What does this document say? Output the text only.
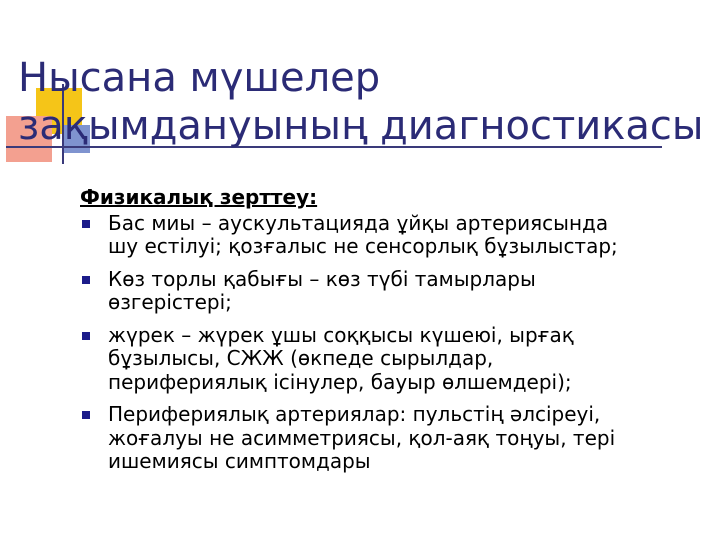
Нысана мүшелер
зақымдануының диагностикасы
Физикалық зерттеу:
Бас миы – аускультацияда ұйқы артериясында шу естілуі; қозғалыс не сенсорлық бұзылыстар;
Көз торлы қабығы – көз түбі тамырлары өзгерістері;
жүрек – жүрек ұшы соққысы күшеюі, ырғақ бұзылысы, СЖЖ (өкпеде сырылдар, перифериялық ісінулер, бауыр өлшемдері);
Перифериялық артериялар: пульстің әлсіреуі, жоғалуы не асимметриясы, қол-аяқ тоңуы, тері ишемиясы симптомдары
